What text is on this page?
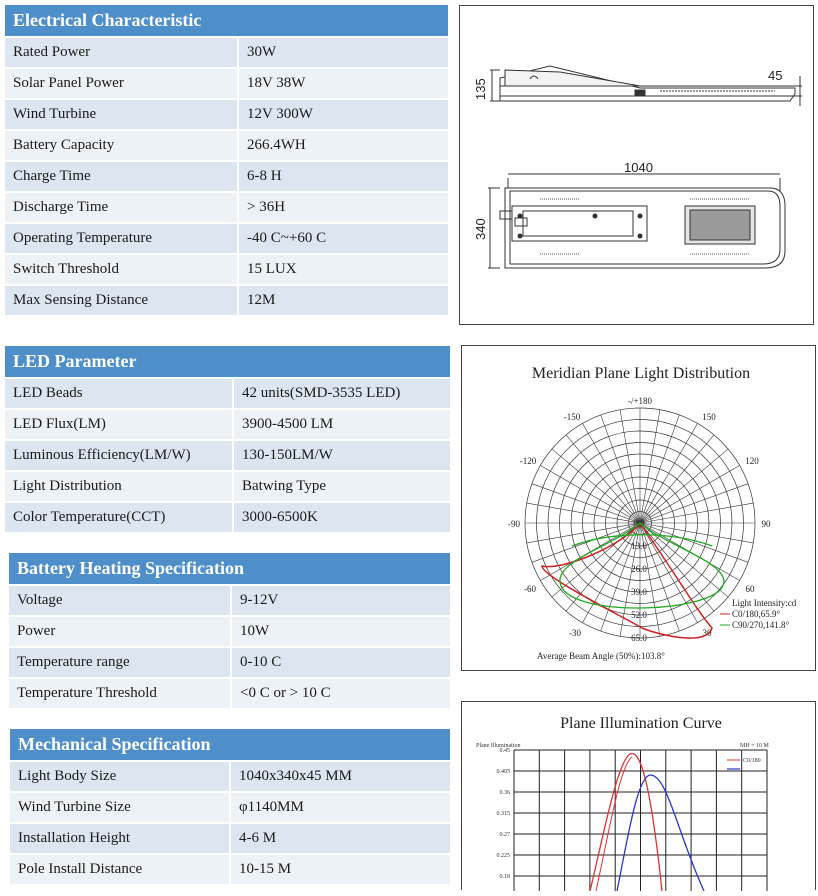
Electrical Characteristic
Rated Power	30W
Solar Panel Power	18V 38W
Wind Turbine	12V 300W
Battery Capacity	266.4WH
Charge Time	6-8 H
Discharge Time	> 36H
Operating Temperature	-40 C~+60 C
Switch Threshold	15 LUX
Max Sensing Distance	12M
LED Parameter
LED Beads	42 units(SMD-3535 LED)
LED Flux(LM)	3900-4500 LM
Luminous Efficiency(LM/W)	130-150LM/W
Light Distribution	Batwing Type
Color Temperature(CCT)	3000-6500K
Battery Heating Specification
Voltage	9-12V
Power	10W
Temperature range	0-10 C
Temperature Threshold	<0 C or > 10 C
Mechanical Specification
Light Body Size	1040x340x45 MM
Wind Turbine Size	φ1140MM
Installation Height	4-6 M
Pole Install Distance	10-15 M
135
45
1040
340
Meridian Plane Light Distribution
-/+180
-150	150
-120	120
-90	90
-60	60
-30	30
0.0
13.0
26.0
39.0
52.0
65.0
Light Intensity:cd
C0/180,65.9°
C90/270,141.8°
Average Beam Angle (50%):103.8°
Plane Illumination Curve
Plane Illumination	MH = 10 M
0.45
0.405
0.36
0.315
0.27
0.225
0.18
C0/180
